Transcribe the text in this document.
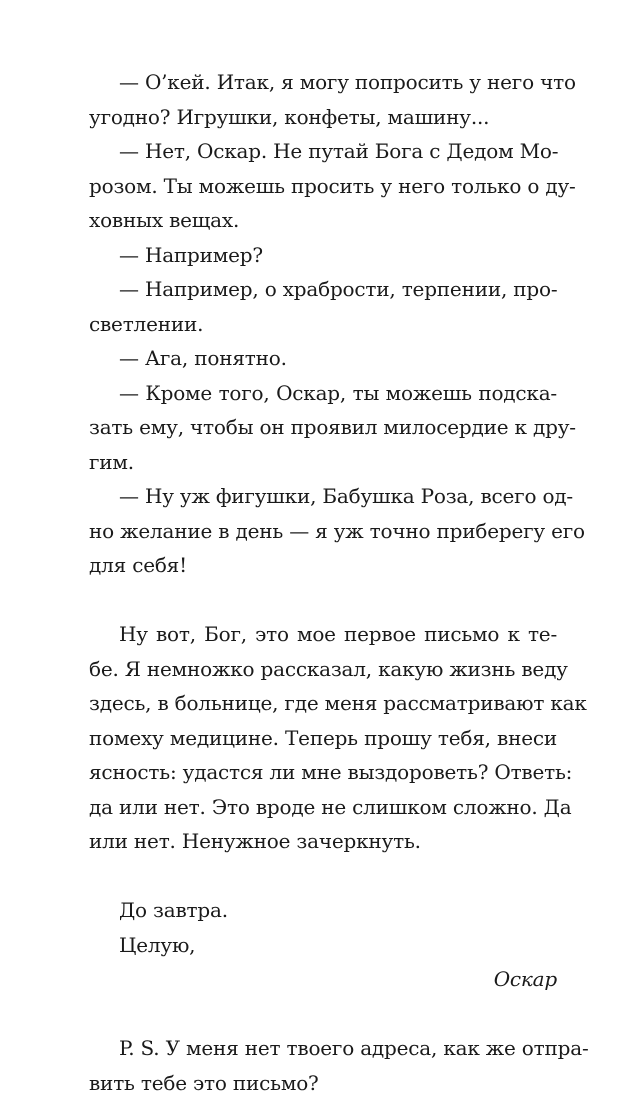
— О’кей. Итак, я могу попросить у него что
угодно? Игрушки, конфеты, машину...
— Нет, Оскар. Не путай Бога с Дедом Мо-
розом. Ты можешь просить у него только о ду-
ховных вещах.
— Например?
— Например, о храбрости, терпении, про-
светлении.
— Ага, понятно.
— Кроме того, Оскар, ты можешь подска-
зать ему, чтобы он проявил милосердие к дру-
гим.
— Ну уж фигушки, Бабушка Роза, всего од-
но желание в день — я уж точно приберегу его
для себя!
Ну вот, Бог, это мое первое письмо к те-
бе. Я немножко рассказал, какую жизнь веду
здесь, в больнице, где меня рассматривают как
помеху медицине. Теперь прошу тебя, внеси
ясность: удастся ли мне выздороветь? Ответь:
да или нет. Это вроде не слишком сложно. Да
или нет. Ненужное зачеркнуть.
До завтра.
Целую,
Оскар
P. S. У меня нет твоего адреса, как же отпра-
вить тебе это письмо?
